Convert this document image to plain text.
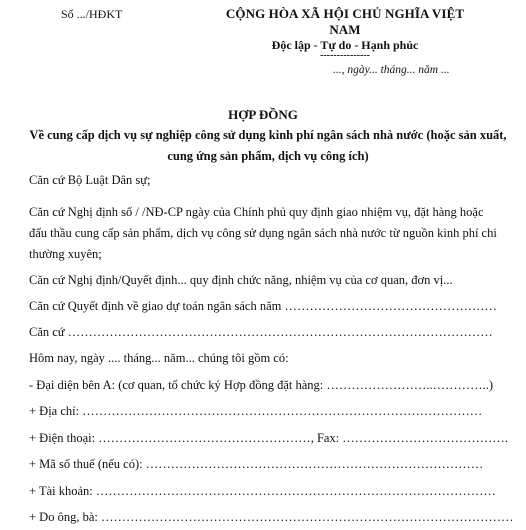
Số .../HĐKT	CỘNG HÒA XÃ HỘI CHỦ NGHĨA VIỆT NAM
Độc lập - Tự do - Hạnh phúc
---------------
..., ngày... tháng... năm ...
HỢP ĐỒNG
Về cung cấp dịch vụ sự nghiệp công sử dụng kinh phí ngân sách nhà nước (hoặc sản xuất,
cung ứng sản phẩm, dịch vụ công ích)
Căn cứ Bộ Luật Dân sự;
Căn cứ Nghị định số / /NĐ-CP ngày của Chính phủ quy định giao nhiệm vụ, đặt hàng hoặc
đấu thầu cung cấp sản phẩm, dịch vụ công sử dụng ngân sách nhà nước từ nguồn kinh phí chi
thường xuyên;
Căn cứ Nghị định/Quyết định... quy định chức năng, nhiệm vụ của cơ quan, đơn vị...
Căn cứ Quyết định về giao dự toán ngân sách năm ……………………………………………
Căn cứ …………………………………………………………………………………………
Hôm nay, ngày .... tháng... năm... chúng tôi gồm có:
- Đại diện bên A: (cơ quan, tổ chức ký Hợp đồng đặt hàng: ……………………..…………..)
+ Địa chỉ: ……………………………………………………………………………………
+ Điện thoại: ……………………………………………, Fax: ………………………………….
+ Mã số thuế (nếu có): ………………………………………………………………………
+ Tài khoản: ……………………………………………………………………………………
+ Do ông, bà: ………………………………………………………………………………………
